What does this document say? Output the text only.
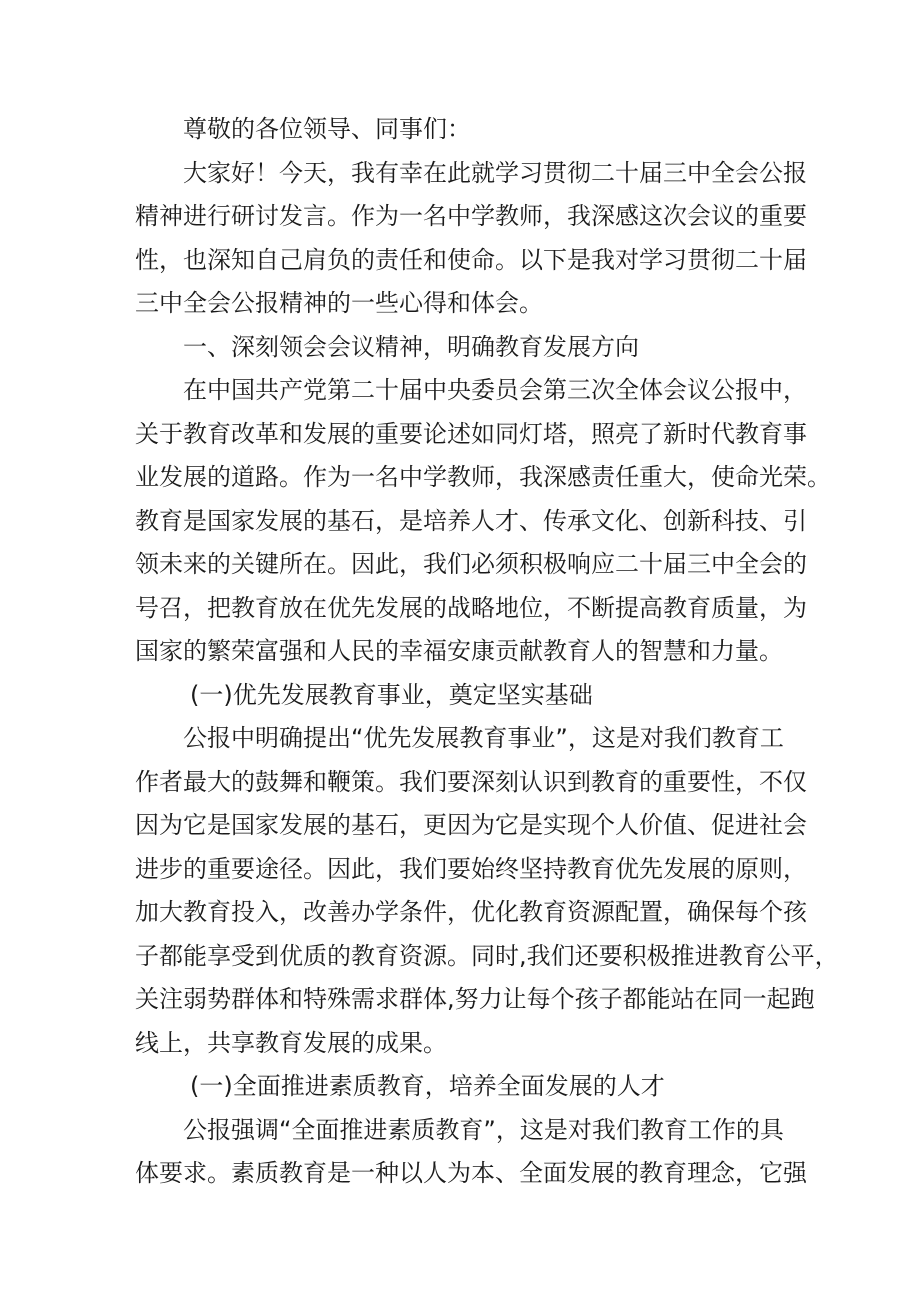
尊敬的各位领导、同事们：
大家好！今天，我有幸在此就学习贯彻二十届三中全会公报
精神进行研讨发言。作为一名中学教师，我深感这次会议的重要
性，也深知自己肩负的责任和使命。以下是我对学习贯彻二十届
三中全会公报精神的一些心得和体会。
一、深刻领会会议精神，明确教育发展方向
在中国共产党第二十届中央委员会第三次全体会议公报中，
关于教育改革和发展的重要论述如同灯塔，照亮了新时代教育事
业发展的道路。作为一名中学教师，我深感责任重大，使命光荣。
教育是国家发展的基石，是培养人才、传承文化、创新科技、引
领未来的关键所在。因此，我们必须积极响应二十届三中全会的
号召，把教育放在优先发展的战略地位，不断提高教育质量，为
国家的繁荣富强和人民的幸福安康贡献教育人的智慧和力量。
(一)优先发展教育事业，奠定坚实基础
公报中明确提出“优先发展教育事业”，这是对我们教育工
作者最大的鼓舞和鞭策。我们要深刻认识到教育的重要性，不仅
因为它是国家发展的基石，更因为它是实现个人价值、促进社会
进步的重要途径。因此，我们要始终坚持教育优先发展的原则，
加大教育投入，改善办学条件，优化教育资源配置，确保每个孩
子都能享受到优质的教育资源。同时,我们还要积极推进教育公平，
关注弱势群体和特殊需求群体,努力让每个孩子都能站在同一起跑
线上，共享教育发展的成果。
(一)全面推进素质教育，培养全面发展的人才
公报强调“全面推进素质教育”，这是对我们教育工作的具
体要求。素质教育是一种以人为本、全面发展的教育理念，它强
